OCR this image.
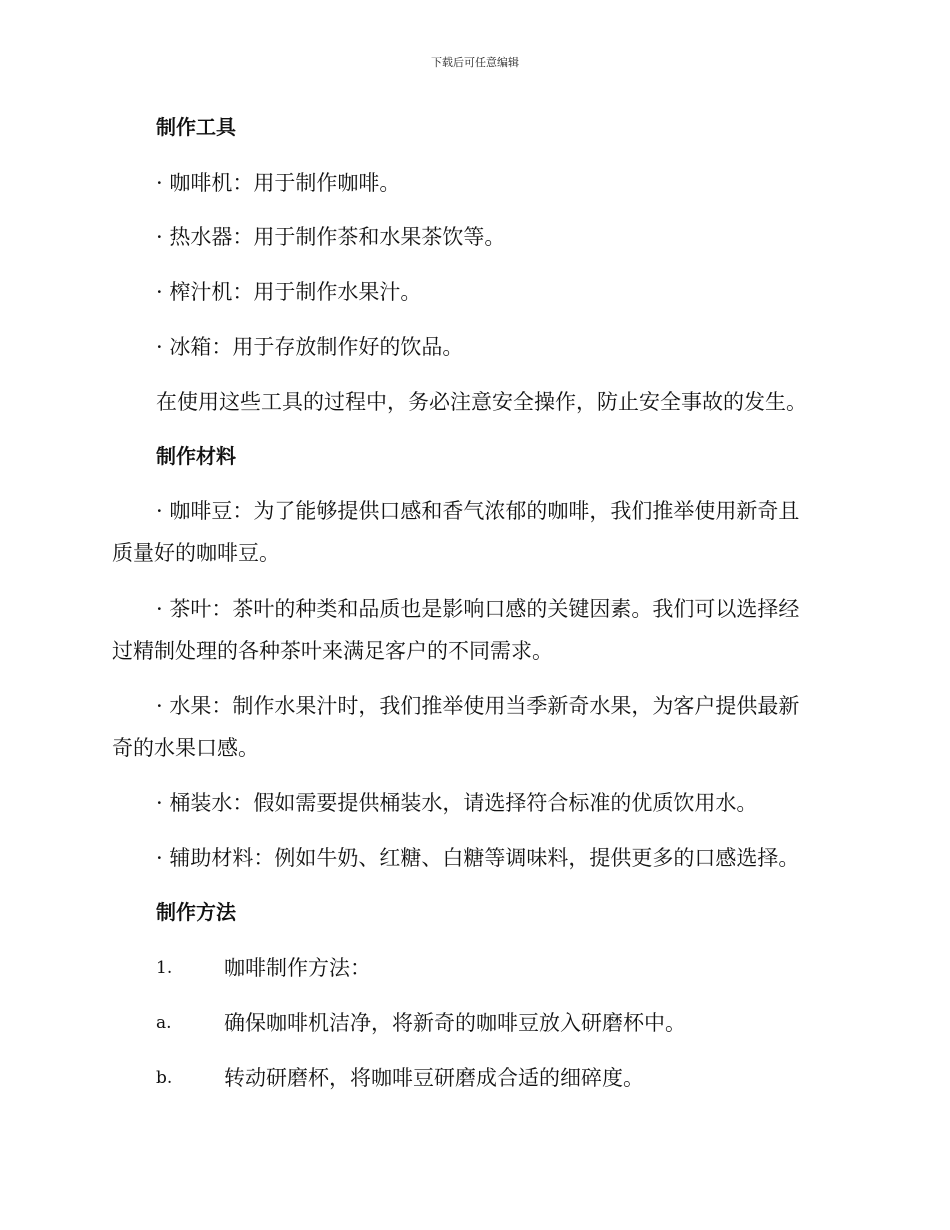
下载后可任意编辑
制作工具
· 咖啡机：用于制作咖啡。
· 热水器：用于制作茶和水果茶饮等。
· 榨汁机：用于制作水果汁。
· 冰箱：用于存放制作好的饮品。
在使用这些工具的过程中，务必注意安全操作，防止安全事故的发生。
制作材料
· 咖啡豆：为了能够提供口感和香气浓郁的咖啡，我们推举使用新奇且
质量好的咖啡豆。
· 茶叶：茶叶的种类和品质也是影响口感的关键因素。我们可以选择经
过精制处理的各种茶叶来满足客户的不同需求。
· 水果：制作水果汁时，我们推举使用当季新奇水果，为客户提供最新
奇的水果口感。
· 桶装水：假如需要提供桶装水，请选择符合标准的优质饮用水。
· 辅助材料：例如牛奶、红糖、白糖等调味料，提供更多的口感选择。
制作方法
1. 咖啡制作方法：
a. 确保咖啡机洁净，将新奇的咖啡豆放入研磨杯中。
b. 转动研磨杯，将咖啡豆研磨成合适的细碎度。
